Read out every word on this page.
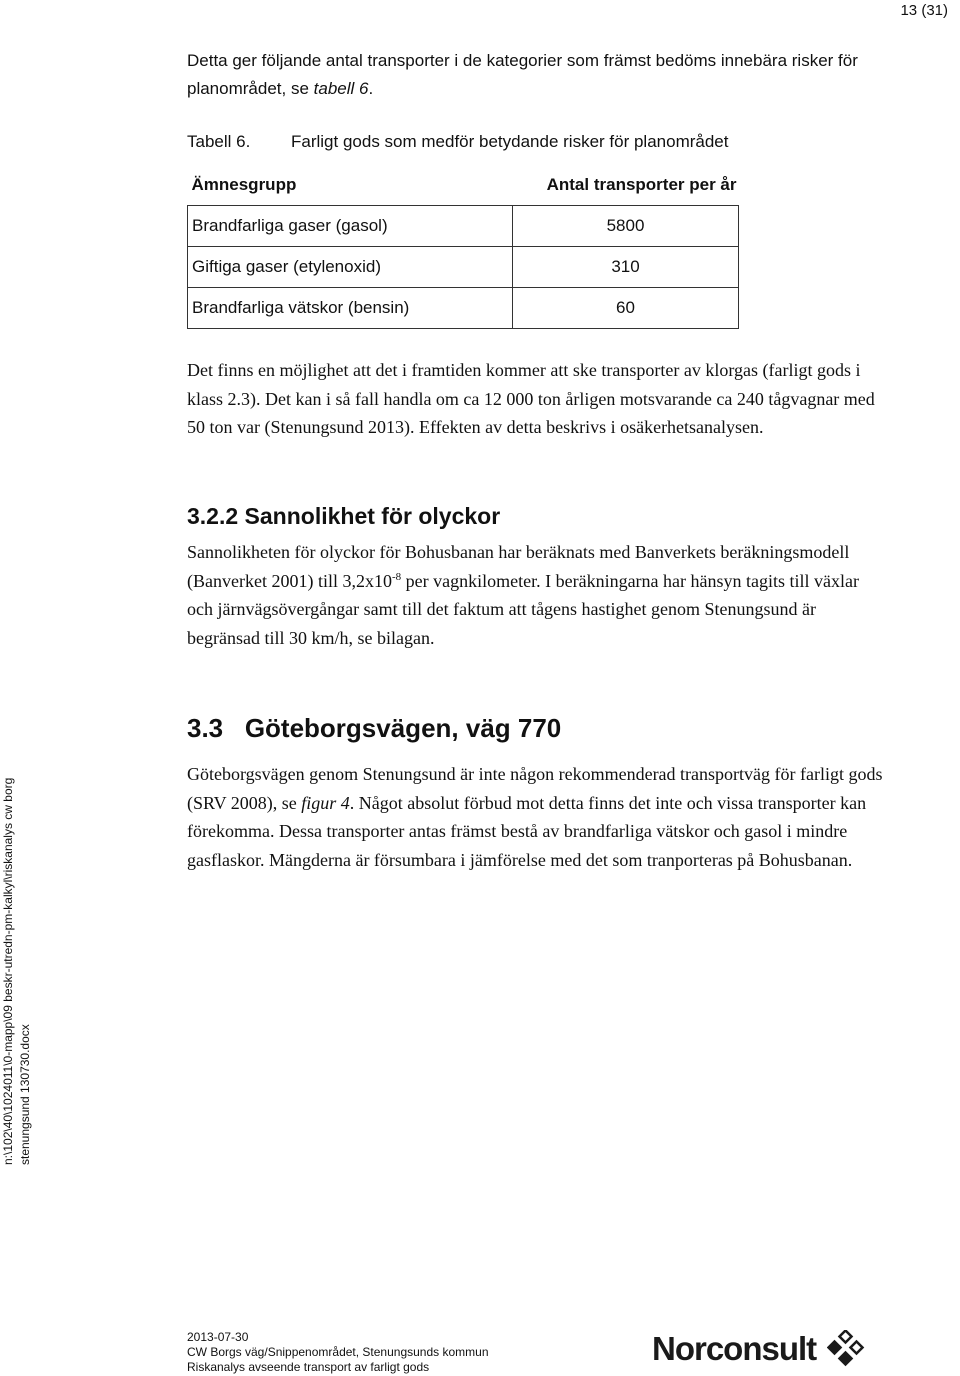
13 (31)

Detta ger följande antal transporter i de kategorier som främst bedöms innebära risker för planområdet, se tabell 6.

Tabell 6. Farligt gods som medför betydande risker för planområdet
Ämnesgrupp	Antal transporter per år
Brandfarliga gaser (gasol)	5800
Giftiga gaser (etylenoxid)	310
Brandfarliga vätskor (bensin)	60

Det finns en möjlighet att det i framtiden kommer att ske transporter av klorgas (farligt gods i klass 2.3). Det kan i så fall handla om ca 12 000 ton årligen motsvarande ca 240 tågvagnar med 50 ton var (Stenungsund 2013). Effekten av detta beskrivs i osäkerhetsanalysen.

3.2.2 Sannolikhet för olyckor

Sannolikheten för olyckor för Bohusbanan har beräknats med Banverkets beräkningsmodell (Banverket 2001) till $3,2x10^{-8}$ per vagnkilometer. I beräkningarna har hänsyn tagits till växlar och järnvägsövergångar samt till det faktum att tågens hastighet genom Stenungsund är begränsad till 30 km/h, se bilagan.

3.3   Göteborgsvägen, väg 770

Göteborgsvägen genom Stenungsund är inte någon rekommenderad transportväg för farligt gods (SRV 2008), se figur 4. Något absolut förbud mot detta finns det inte och vissa transporter kan förekomma. Dessa transporter antas främst bestå av brandfarliga vätskor och gasol i mindre gasflaskor. Mängderna är försumbara i jämförelse med det som tranporteras på Bohusbanan.

n:\102\40\1024011\0-mapp\09 beskr-utredn-pm-kalkyl\riskanalys cw borg stenungsund 130730.docx
2013-07-30
CW Borgs väg/Snippenområdet, Stenungsunds kommun
Riskanalys avseende transport av farligt gods	Norconsult
